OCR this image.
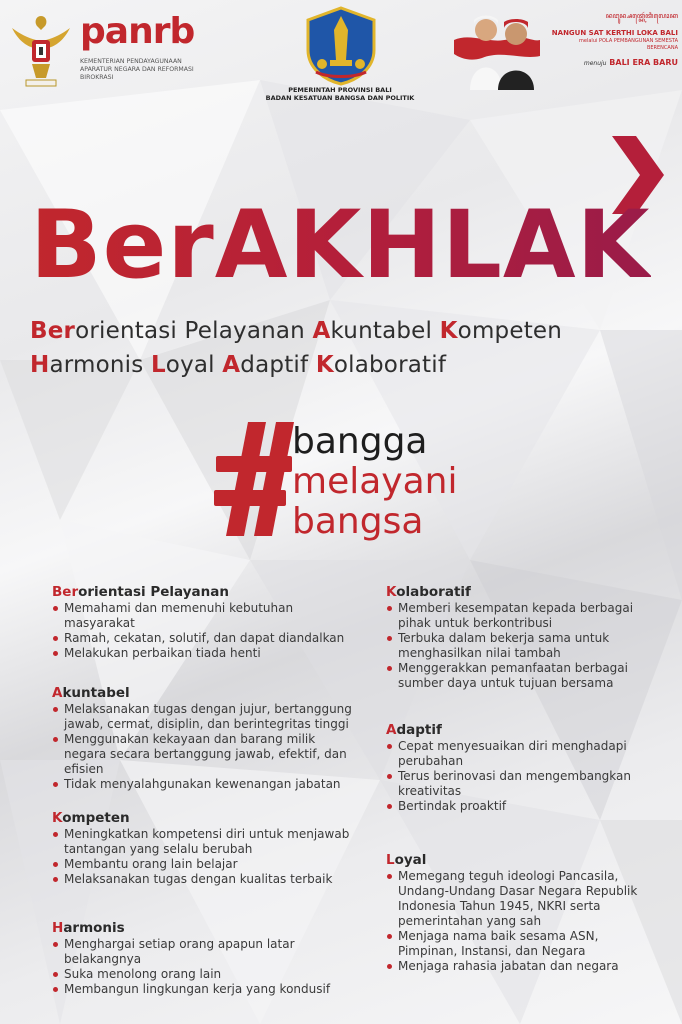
panrb
KEMENTERIAN PENDAYAGUNAAN APARATUR NEGARA DAN REFORMASI BIROKRASI
PEMERINTAH PROVINSI BALI
BADAN KESATUAN BANGSA DAN POLITIK
ꦤꦔꦸꦤ꧀ꦱꦠ꧀ꦏꦺꦂꦠꦶꦭꦺꦴꦏ
NANGUN SAT KERTHI LOKA BALI
melalui POLA PEMBANGUNAN SEMESTA BERENCANA
menuju BALI ERA BARU
BerAKHLAK
Berorientasi Pelayanan Akuntabel Kompeten
Harmonis Loyal Adaptif Kolaboratif
bangga
melayani
bangsa
Berorientasi Pelayanan
Memahami dan memenuhi kebutuhan masyarakat
Ramah, cekatan, solutif, dan dapat diandalkan
Melakukan perbaikan tiada henti
Akuntabel
Melaksanakan tugas dengan jujur, bertanggung jawab, cermat, disiplin, dan berintegritas tinggi
Menggunakan kekayaan dan barang milik negara secara bertanggung jawab, efektif, dan efisien
Tidak menyalahgunakan kewenangan jabatan
Kompeten
Meningkatkan kompetensi diri untuk menjawab tantangan yang selalu berubah
Membantu orang lain belajar
Melaksanakan tugas dengan kualitas terbaik
Harmonis
Menghargai setiap orang apapun latar belakangnya
Suka menolong orang lain
Membangun lingkungan kerja yang kondusif
Kolaboratif
Memberi kesempatan kepada berbagai pihak untuk berkontribusi
Terbuka dalam bekerja sama untuk menghasilkan nilai tambah
Menggerakkan pemanfaatan berbagai sumber daya untuk tujuan bersama
Adaptif
Cepat menyesuaikan diri menghadapi perubahan
Terus berinovasi dan mengembangkan kreativitas
Bertindak proaktif
Loyal
Memegang teguh ideologi Pancasila, Undang-Undang Dasar Negara Republik Indonesia Tahun 1945, NKRI serta pemerintahan yang sah
Menjaga nama baik sesama ASN, Pimpinan, Instansi, dan Negara
Menjaga rahasia jabatan dan negara
